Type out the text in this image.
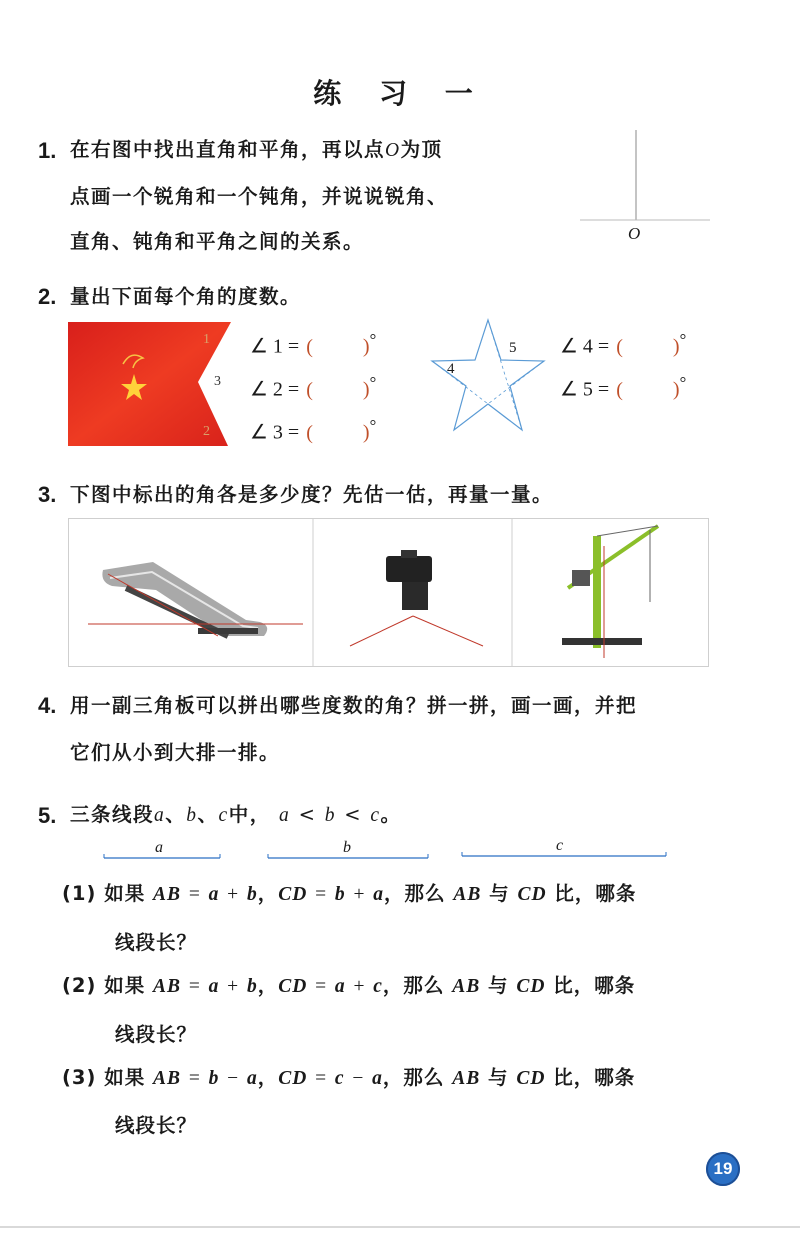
练 习 一
1. 在右图中找出直角和平角，再以点O为顶
点画一个锐角和一个钝角，并说说锐角、
直角、钝角和平角之间的关系。	O
2. 量出下面每个角的度数。
1
3
2
∠ 1 = (	)°
∠ 2 = (	)°
∠ 3 = (	)°
5
4
∠ 4 = (	)°
∠ 5 = (	)°
3. 下图中标出的角各是多少度？先估一估，再量一量。
4. 用一副三角板可以拼出哪些度数的角？拼一拼，画一画，并把
它们从小到大排一排。
5. 三条线段a、b、c中， a < b < c。
a	b	c
(1) 如果 AB = a + b，CD = b + a，那么 AB 与 CD 比，哪条
线段长？
(2) 如果 AB = a + b，CD = a + c，那么 AB 与 CD 比，哪条
线段长？
(3) 如果 AB = b − a，CD = c − a，那么 AB 与 CD 比，哪条
线段长？
19
